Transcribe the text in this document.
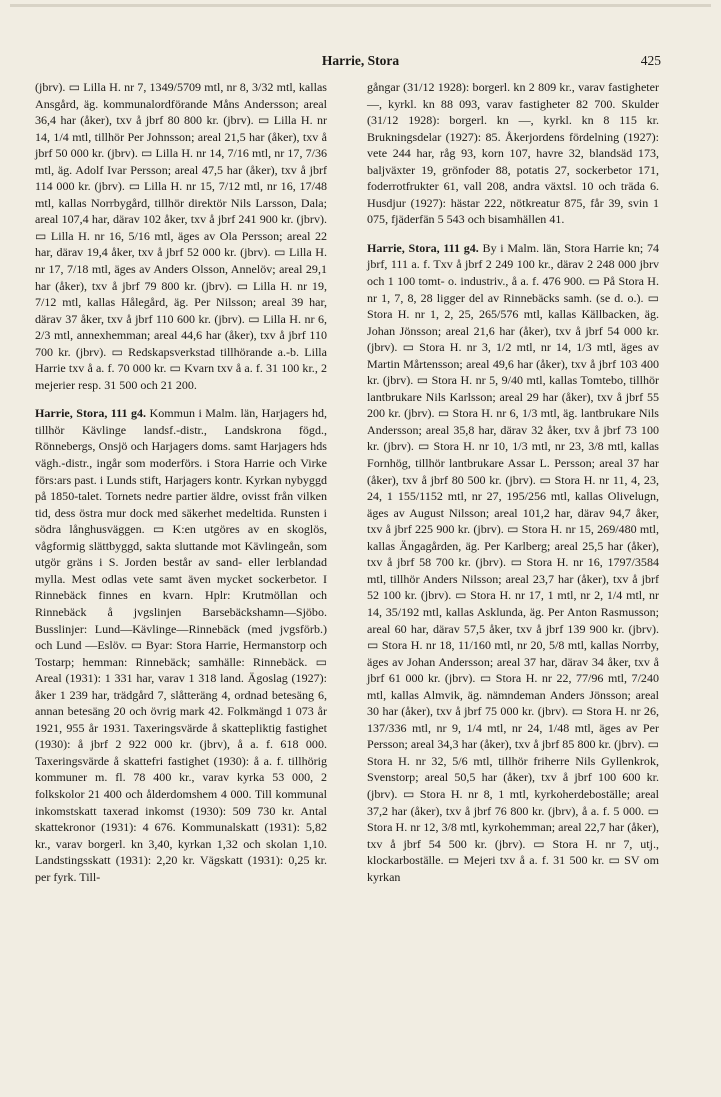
Harrie, Stora	425

(jbrv). ▭ Lilla H. nr 7, 1349/5709 mtl, nr 8, 3/32 mtl, kallas Ansgård, äg. kommunalordförande Måns Andersson; areal 36,4 har (åker), txv å jbrf 80 800 kr. (jbrv). ▭ Lilla H. nr 14, 1/4 mtl, tillhör Per Johnsson; areal 21,5 har (åker), txv å jbrf 50 000 kr. (jbrv). ▭ Lilla H. nr 14, 7/16 mtl, nr 17, 7/36 mtl, äg. Adolf Ivar Persson; areal 47,5 har (åker), txv å jbrf 114 000 kr. (jbrv). ▭ Lilla H. nr 15, 7/12 mtl, nr 16, 17/48 mtl, kallas Norrbygård, tillhör direktör Nils Larsson, Dala; areal 107,4 har, därav 102 åker, txv å jbrf 241 900 kr. (jbrv). ▭ Lilla H. nr 16, 5/16 mtl, äges av Ola Persson; areal 22 har, därav 19,4 åker, txv å jbrf 52 000 kr. (jbrv). ▭ Lilla H. nr 17, 7/18 mtl, äges av Anders Olsson, Annelöv; areal 29,1 har (åker), txv å jbrf 79 800 kr. (jbrv). ▭ Lilla H. nr 19, 7/12 mtl, kallas Hålegård, äg. Per Nilsson; areal 39 har, därav 37 åker, txv å jbrf 110 600 kr. (jbrv). ▭ Lilla H. nr 6, 2/3 mtl, annexhemman; areal 44,6 har (åker), txv å jbrf 110 700 kr. (jbrv). ▭ Redskapsverkstad tillhörande a.-b. Lilla Harrie txv å a. f. 70 000 kr. ▭ Kvarn txv å a. f. 31 100 kr., 2 mejerier resp. 31 500 och 21 200.

Harrie, Stora, 111 g4. Kommun i Malm. län, Harjagers hd, tillhör Kävlinge landsf.-distr., Landskrona fögd., Rönnebergs, Onsjö och Harjagers doms. samt Harjagers hds vägh.-distr., ingår som moderförs. i Stora Harrie och Virke förs:ars past. i Lunds stift, Harjagers kontr. Kyrkan nybyggd på 1850-talet. Tornets nedre partier äldre, ovisst från vilken tid, dess östra mur dock med säkerhet medeltida. Runsten i södra långhusväggen. ▭ K:en utgöres av en skoglös, vågformig slättbyggd, sakta sluttande mot Kävlingeån, som utgör gräns i S. Jorden består av sand- eller lerblandad mylla. Mest odlas vete samt även mycket sockerbetor. I Rinnebäck finnes en kvarn. Hplr: Krutmöllan och Rinnebäck å jvgslinjen Barsebäckshamn—Sjöbo. Busslinjer: Lund—Kävlinge—Rinnebäck (med jvgsförb.) och Lund —Eslöv. ▭ Byar: Stora Harrie, Hermanstorp och Tostarp; hemman: Rinnebäck; samhälle: Rinnebäck. ▭ Areal (1931): 1 331 har, varav 1 318 land. Ägoslag (1927): åker 1 239 har, trädgård 7, slåtteräng 4, ordnad betesäng 6, annan betesäng 20 och övrig mark 42. Folkmängd 1 073 år 1921, 955 år 1931. Taxeringsvärde å skattepliktig fastighet (1930): å jbrf 2 922 000 kr. (jbrv), å a. f. 618 000. Taxeringsvärde å skattefri fastighet (1930): å a. f. tillhörig kommuner m. fl. 78 400 kr., varav kyrka 53 000, 2 folkskolor 21 400 och ålderdomshem 4 000. Till kommunal inkomstskatt taxerad inkomst (1930): 509 730 kr. Antal skattekronor (1931): 4 676. Kommunalskatt (1931): 5,82 kr., varav borgerl. kn 3,40, kyrkan 1,32 och skolan 1,10. Landstingsskatt (1931): 2,20 kr. Vägskatt (1931): 0,25 kr. per fyrk. Till-

gångar (31/12 1928): borgerl. kn 2 809 kr., varav fastigheter —, kyrkl. kn 88 093, varav fastigheter 82 700. Skulder (31/12 1928): borgerl. kn —, kyrkl. kn 8 115 kr. Brukningsdelar (1927): 85. Åkerjordens fördelning (1927): vete 244 har, råg 93, korn 107, havre 32, blandsäd 173, baljväxter 19, grönfoder 88, potatis 27, sockerbetor 171, foderrotfrukter 61, vall 208, andra växtsl. 10 och träda 6. Husdjur (1927): hästar 222, nötkreatur 875, får 39, svin 1 075, fjäderfän 5 543 och bisamhällen 41.

Harrie, Stora, 111 g4. By i Malm. län, Stora Harrie kn; 74 jbrf, 111 a. f. Txv å jbrf 2 249 100 kr., därav 2 248 000 jbrv och 1 100 tomt- o. industriv., å a. f. 476 900. ▭ På Stora H. nr 1, 7, 8, 28 ligger del av Rinnebäcks samh. (se d. o.). ▭ Stora H. nr 1, 2, 25, 265/576 mtl, kallas Källbacken, äg. Johan Jönsson; areal 21,6 har (åker), txv å jbrf 54 000 kr. (jbrv). ▭ Stora H. nr 3, 1/2 mtl, nr 14, 1/3 mtl, äges av Martin Mårtensson; areal 49,6 har (åker), txv å jbrf 103 400 kr. (jbrv). ▭ Stora H. nr 5, 9/40 mtl, kallas Tomtebo, tillhör lantbrukare Nils Karlsson; areal 29 har (åker), txv å jbrf 55 200 kr. (jbrv). ▭ Stora H. nr 6, 1/3 mtl, äg. lantbrukare Nils Andersson; areal 35,8 har, därav 32 åker, txv å jbrf 73 100 kr. (jbrv). ▭ Stora H. nr 10, 1/3 mtl, nr 23, 3/8 mtl, kallas Fornhög, tillhör lantbrukare Assar L. Persson; areal 37 har (åker), txv å jbrf 80 500 kr. (jbrv). ▭ Stora H. nr 11, 4, 23, 24, 1 155/1152 mtl, nr 27, 195/256 mtl, kallas Olivelugn, äges av August Nilsson; areal 101,2 har, därav 94,7 åker, txv å jbrf 225 900 kr. (jbrv). ▭ Stora H. nr 15, 269/480 mtl, kallas Ängagården, äg. Per Karlberg; areal 25,5 har (åker), txv å jbrf 58 700 kr. (jbrv). ▭ Stora H. nr 16, 1797/3584 mtl, tillhör Anders Nilsson; areal 23,7 har (åker), txv å jbrf 52 100 kr. (jbrv). ▭ Stora H. nr 17, 1 mtl, nr 2, 1/4 mtl, nr 14, 35/192 mtl, kallas Asklunda, äg. Per Anton Rasmusson; areal 60 har, därav 57,5 åker, txv å jbrf 139 900 kr. (jbrv). ▭ Stora H. nr 18, 11/160 mtl, nr 20, 5/8 mtl, kallas Norrby, äges av Johan Andersson; areal 37 har, därav 34 åker, txv å jbrf 61 000 kr. (jbrv). ▭ Stora H. nr 22, 77/96 mtl, 7/240 mtl, kallas Almvik, äg. nämndeman Anders Jönsson; areal 30 har (åker), txv å jbrf 75 000 kr. (jbrv). ▭ Stora H. nr 26, 137/336 mtl, nr 9, 1/4 mtl, nr 24, 1/48 mtl, äges av Per Persson; areal 34,3 har (åker), txv å jbrf 85 800 kr. (jbrv). ▭ Stora H. nr 32, 5/6 mtl, tillhör friherre Nils Gyllenkrok, Svenstorp; areal 50,5 har (åker), txv å jbrf 100 600 kr. (jbrv). ▭ Stora H. nr 8, 1 mtl, kyrkoherdeboställe; areal 37,2 har (åker), txv å jbrf 76 800 kr. (jbrv), å a. f. 5 000. ▭ Stora H. nr 12, 3/8 mtl, kyrkohemman; areal 22,7 har (åker), txv å jbrf 54 500 kr. (jbrv). ▭ Stora H. nr 7, utj., klockarboställe. ▭ Mejeri txv å a. f. 31 500 kr. ▭ SV om kyrkan
